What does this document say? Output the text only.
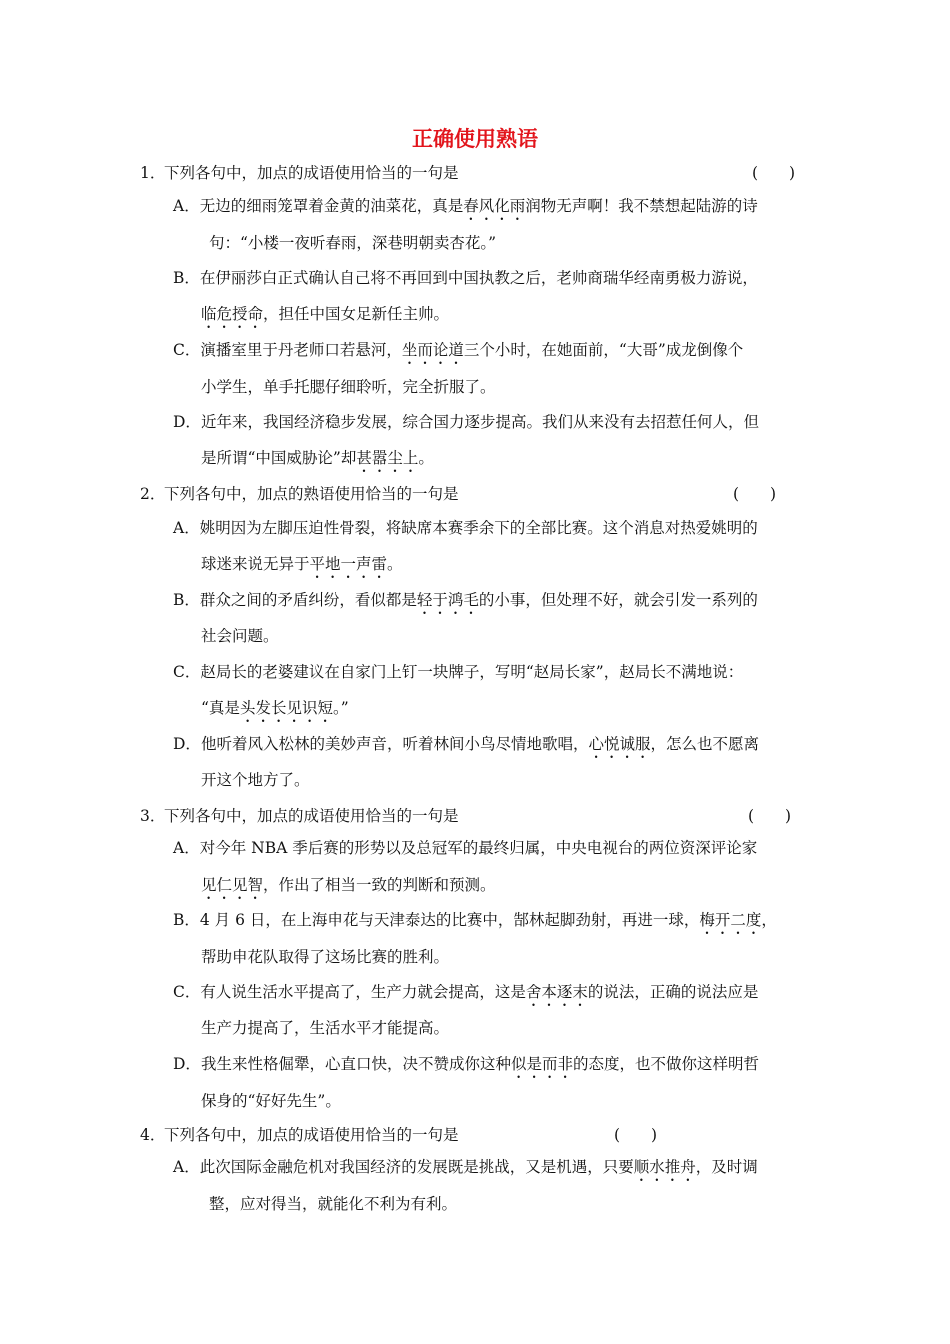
正确使用熟语
1．下列各句中，加点的成语使用恰当的一句是	(　　)
A．无边的细雨笼罩着金黄的油菜花，真是春风化雨润物无声啊！我不禁想起陆游的诗
句：“小楼一夜听春雨，深巷明朝卖杏花。”
B．在伊丽莎白正式确认自己将不再回到中国执教之后，老帅商瑞华经南勇极力游说，
临危授命，担任中国女足新任主帅。
C．演播室里于丹老师口若悬河，坐而论道三个小时，在她面前，“大哥”成龙倒像个
小学生，单手托腮仔细聆听，完全折服了。
D．近年来，我国经济稳步发展，综合国力逐步提高。我们从来没有去招惹任何人，但
是所谓“中国威胁论”却甚嚣尘上。
2．下列各句中，加点的熟语使用恰当的一句是	(　　)
A．姚明因为左脚压迫性骨裂，将缺席本赛季余下的全部比赛。这个消息对热爱姚明的
球迷来说无异于平地一声雷。
B．群众之间的矛盾纠纷，看似都是轻于鸿毛的小事，但处理不好，就会引发一系列的
社会问题。
C．赵局长的老婆建议在自家门上钉一块牌子，写明“赵局长家”，赵局长不满地说：
“真是头发长见识短。”
D．他听着风入松林的美妙声音，听着林间小鸟尽情地歌唱，心悦诚服，怎么也不愿离
开这个地方了。
3．下列各句中，加点的成语使用恰当的一句是	(　　)
A．对今年 NBA 季后赛的形势以及总冠军的最终归属，中央电视台的两位资深评论家
见仁见智，作出了相当一致的判断和预测。
B．4 月 6 日，在上海申花与天津泰达的比赛中，郜林起脚劲射，再进一球，梅开二度，
帮助申花队取得了这场比赛的胜利。
C．有人说生活水平提高了，生产力就会提高，这是舍本逐末的说法，正确的说法应是
生产力提高了，生活水平才能提高。
D．我生来性格倔犟，心直口快，决不赞成你这种似是而非的态度，也不做你这样明哲
保身的“好好先生”。
4．下列各句中，加点的成语使用恰当的一句是	(　　)
A．此次国际金融危机对我国经济的发展既是挑战，又是机遇，只要顺水推舟，及时调
整，应对得当，就能化不利为有利。
